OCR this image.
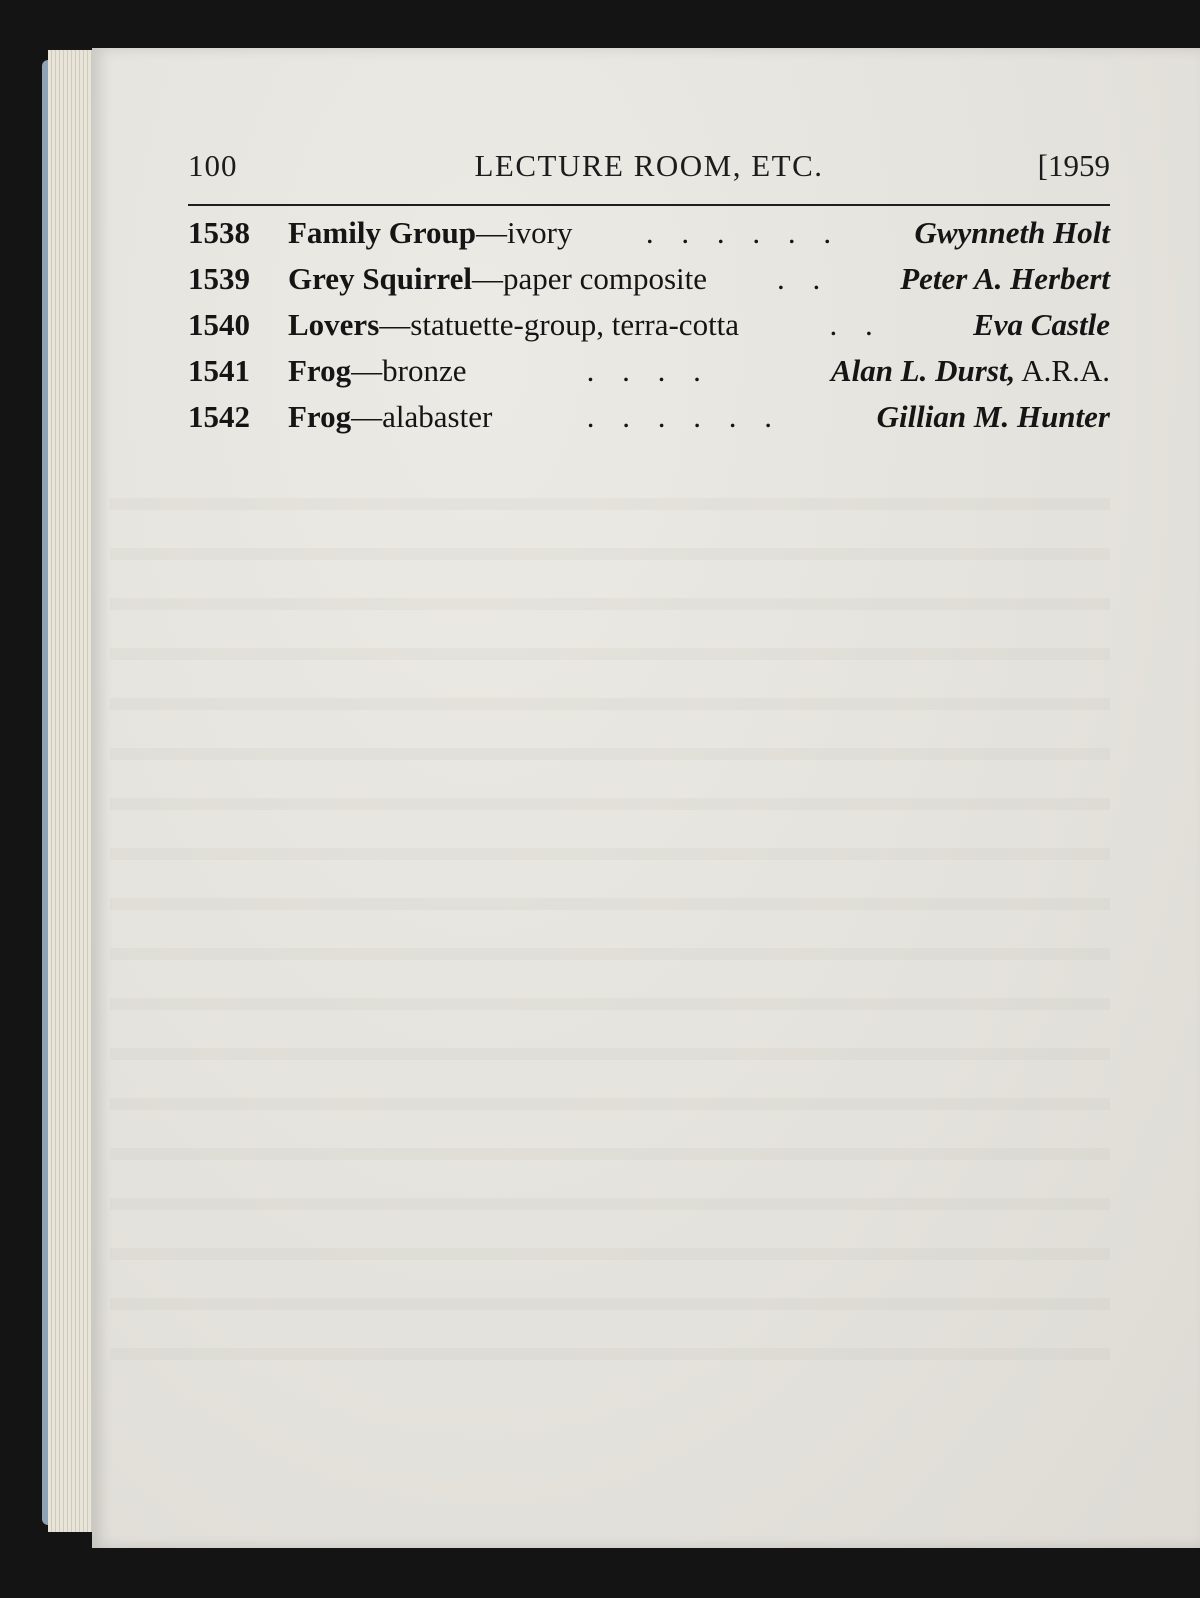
100	LECTURE ROOM, ETC.	[1959
1538	Family Group—ivory	. . . . . .	Gwynneth Holt
1539	Grey Squirrel—paper composite	. .	Peter A. Herbert
1540	Lovers—statuette-group, terra-cotta	. .	Eva Castle
1541	Frog—bronze	. . . .	Alan L. Durst, A.R.A.
1542	Frog—alabaster	. . . . . .	Gillian M. Hunter
